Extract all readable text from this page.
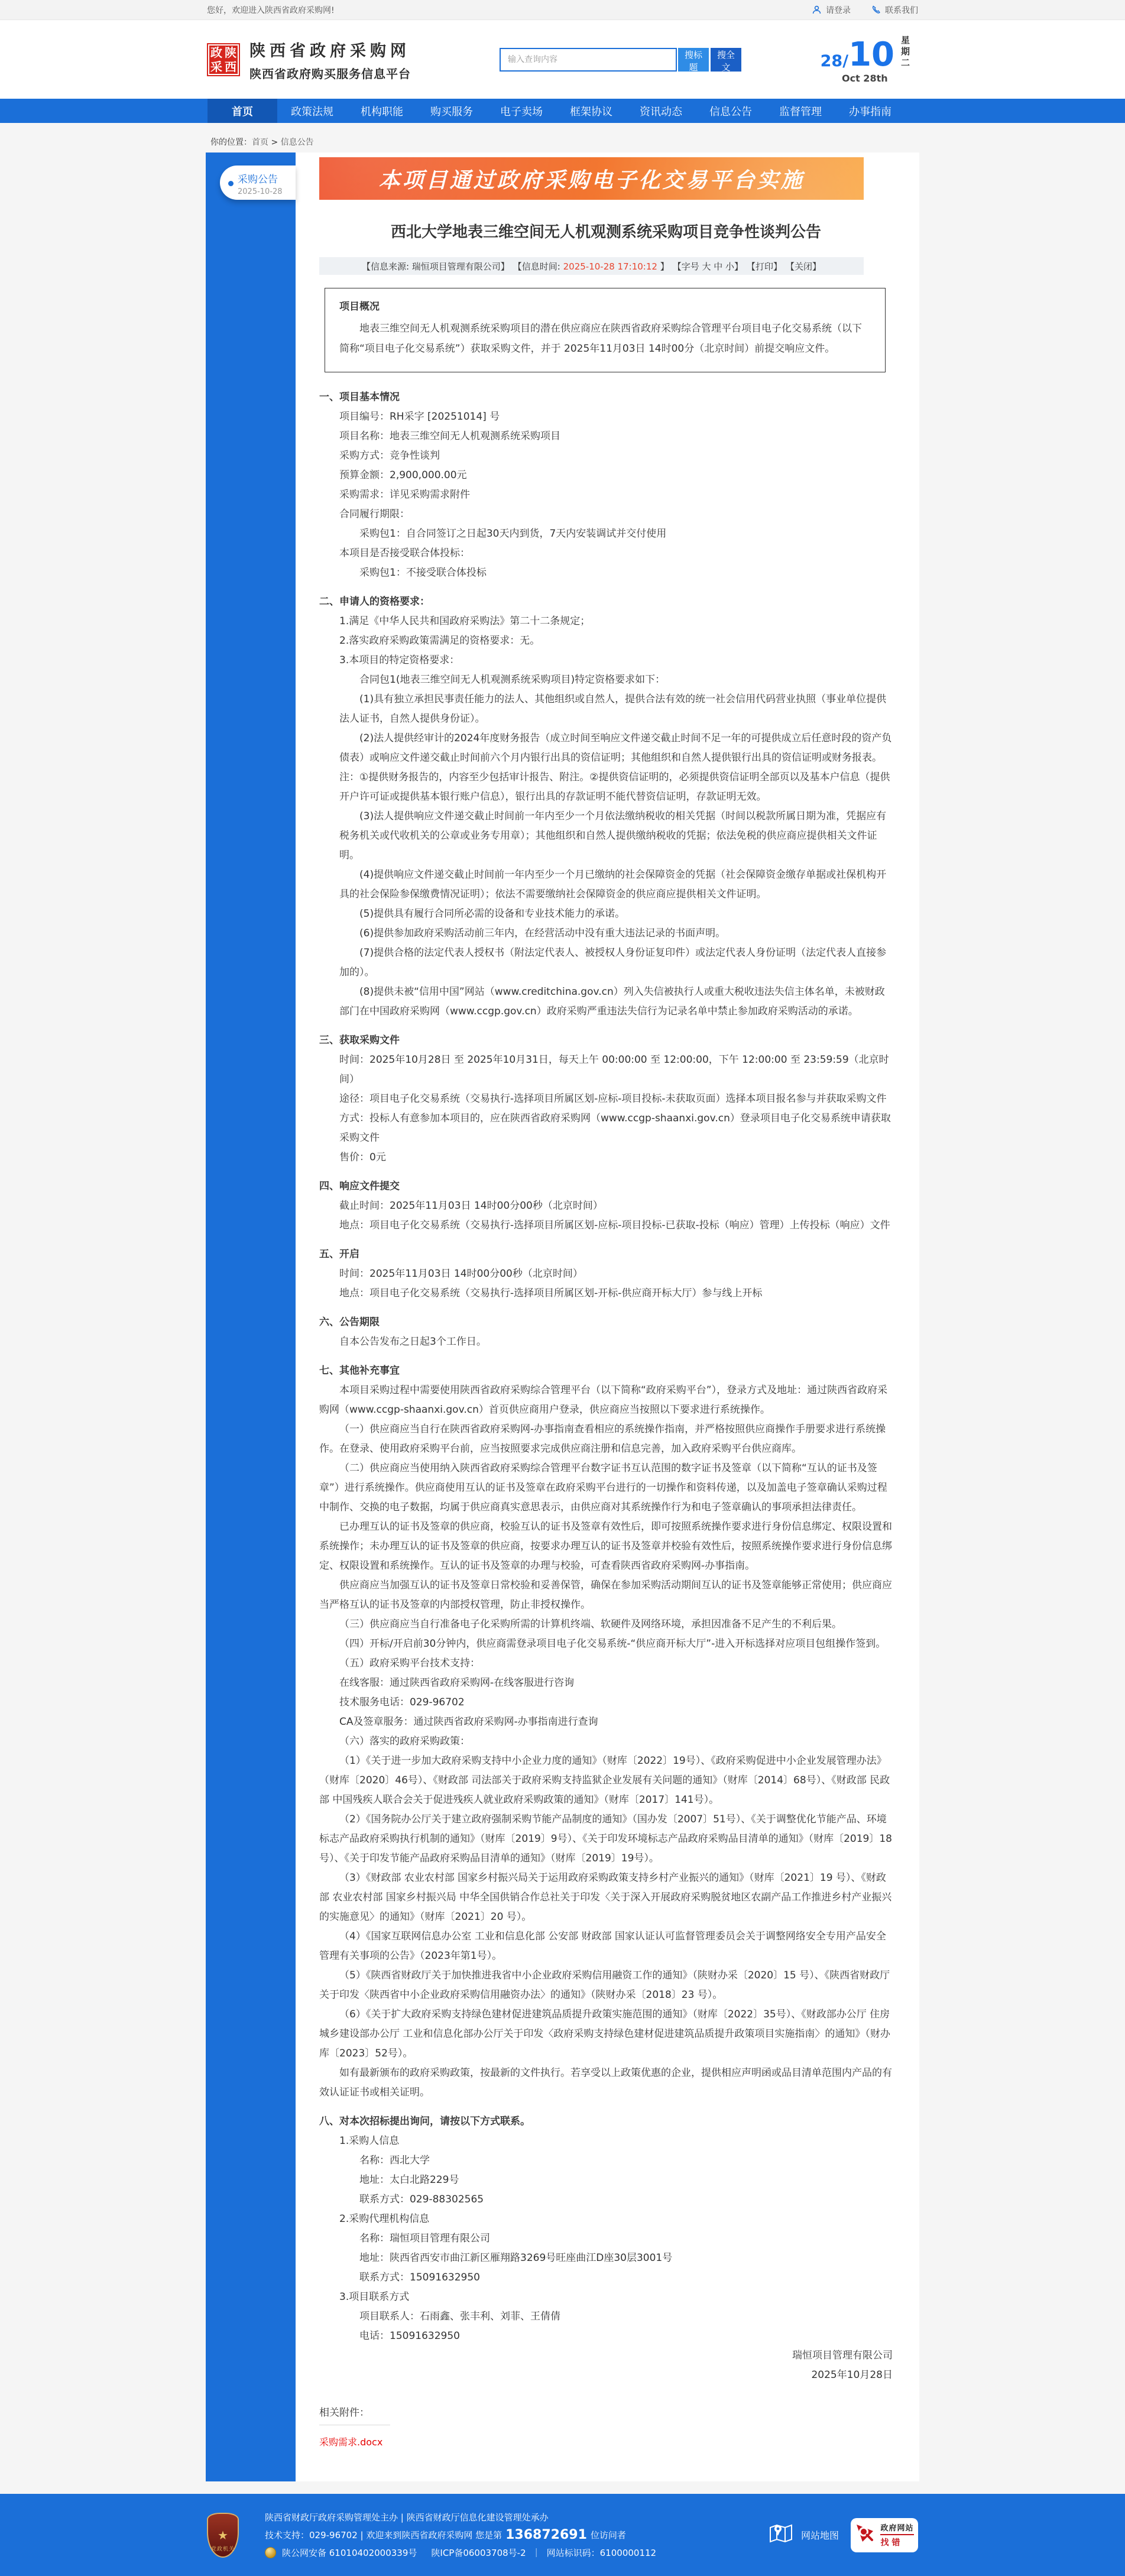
您好，欢迎进入陕西省政府采购网!	请登录	联系我们
政 陕
采 西
陕西省政府采购网
陕西省政府购买服务信息平台
输入查询内容
搜标题
搜全文	28/ 10 星期二
Oct 28th
首页	政策法规	机构职能	购买服务	电子卖场	框架协议	资讯动态	信息公告	监督管理	办事指南
你的位置：首页 > 信息公告
采购公告
2025-10-28	本项目通过政府采购电子化交易平台实施
西北大学地表三维空间无人机观测系统采购项目竞争性谈判公告
【信息来源: 瑞恒项目管理有限公司】 【信息时间: 2025-10-28 17:10:12 】 【字号 大 中 小】 【打印】 【关闭】
项目概况

地表三维空间无人机观测系统采购项目的潜在供应商应在陕西省政府采购综合管理平台项目电子化交易系统（以下简称“项目电子化交易系统”）获取采购文件，并于 2025年11月03日 14时00分（北京时间）前提交响应文件。

一、项目基本情况

项目编号：RH采字 [20251014] 号

项目名称：地表三维空间无人机观测系统采购项目

采购方式：竞争性谈判

预算金额：2,900,000.00元

采购需求：详见采购需求附件

合同履行期限：

采购包1：自合同签订之日起30天内到货，7天内安装调试并交付使用

本项目是否接受联合体投标：

采购包1：不接受联合体投标

二、申请人的资格要求：

1.满足《中华人民共和国政府采购法》第二十二条规定；

2.落实政府采购政策需满足的资格要求：无。

3.本项目的特定资格要求：

合同包1(地表三维空间无人机观测系统采购项目)特定资格要求如下：

(1)具有独立承担民事责任能力的法人、其他组织或自然人，提供合法有效的统一社会信用代码营业执照（事业单位提供法人证书，自然人提供身份证）。

(2)法人提供经审计的2024年度财务报告（成立时间至响应文件递交截止时间不足一年的可提供成立后任意时段的资产负债表）或响应文件递交截止时间前六个月内银行出具的资信证明；其他组织和自然人提供银行出具的资信证明或财务报表。注：①提供财务报告的，内容至少包括审计报告、附注。②提供资信证明的，必须提供资信证明全部页以及基本户信息（提供开户许可证或提供基本银行账户信息），银行出具的存款证明不能代替资信证明，存款证明无效。

(3)法人提供响应文件递交截止时间前一年内至少一个月依法缴纳税收的相关凭据（时间以税款所属日期为准，凭据应有税务机关或代收机关的公章或业务专用章）；其他组织和自然人提供缴纳税收的凭据；依法免税的供应商应提供相关文件证明。

(4)提供响应文件递交截止时间前一年内至少一个月已缴纳的社会保障资金的凭据（社会保障资金缴存单据或社保机构开具的社会保险参保缴费情况证明）；依法不需要缴纳社会保障资金的供应商应提供相关文件证明。

(5)提供具有履行合同所必需的设备和专业技术能力的承诺。

(6)提供参加政府采购活动前三年内，在经营活动中没有重大违法记录的书面声明。

(7)提供合格的法定代表人授权书（附法定代表人、被授权人身份证复印件）或法定代表人身份证明（法定代表人直接参加的）。

(8)提供未被“信用中国”网站（www.creditchina.gov.cn）列入失信被执行人或重大税收违法失信主体名单，未被财政部门在中国政府采购网（www.ccgp.gov.cn）政府采购严重违法失信行为记录名单中禁止参加政府采购活动的承诺。

三、获取采购文件

时间：2025年10月28日 至 2025年10月31日，每天上午 00:00:00 至 12:00:00，下午 12:00:00 至 23:59:59（北京时间）

途径：项目电子化交易系统（交易执行-选择项目所属区划-应标-项目投标-未获取页面）选择本项目报名参与并获取采购文件

方式：投标人有意参加本项目的，应在陕西省政府采购网（www.ccgp-shaanxi.gov.cn）登录项目电子化交易系统申请获取采购文件

售价：0元

四、响应文件提交

截止时间：2025年11月03日 14时00分00秒（北京时间）

地点：项目电子化交易系统（交易执行-选择项目所属区划-应标-项目投标-已获取-投标（响应）管理）上传投标（响应）文件

五、开启

时间：2025年11月03日 14时00分00秒（北京时间）

地点：项目电子化交易系统（交易执行-选择项目所属区划-开标-供应商开标大厅）参与线上开标

六、公告期限

自本公告发布之日起3个工作日。

七、其他补充事宜

本项目采购过程中需要使用陕西省政府采购综合管理平台（以下简称“政府采购平台”），登录方式及地址：通过陕西省政府采购网（www.ccgp-shaanxi.gov.cn）首页供应商用户登录，供应商应当按照以下要求进行系统操作。

（一）供应商应当自行在陕西省政府采购网-办事指南查看相应的系统操作指南，并严格按照供应商操作手册要求进行系统操作。在登录、使用政府采购平台前，应当按照要求完成供应商注册和信息完善，加入政府采购平台供应商库。

（二）供应商应当使用纳入陕西省政府采购综合管理平台数字证书互认范围的数字证书及签章（以下简称“互认的证书及签章”）进行系统操作。供应商使用互认的证书及签章在政府采购平台进行的一切操作和资料传递，以及加盖电子签章确认采购过程中制作、交换的电子数据，均属于供应商真实意思表示，由供应商对其系统操作行为和电子签章确认的事项承担法律责任。

已办理互认的证书及签章的供应商，校验互认的证书及签章有效性后，即可按照系统操作要求进行身份信息绑定、权限设置和系统操作；未办理互认的证书及签章的供应商，按要求办理互认的证书及签章并校验有效性后，按照系统操作要求进行身份信息绑定、权限设置和系统操作。互认的证书及签章的办理与校验，可查看陕西省政府采购网-办事指南。

供应商应当加强互认的证书及签章日常校验和妥善保管，确保在参加采购活动期间互认的证书及签章能够正常使用；供应商应当严格互认的证书及签章的内部授权管理，防止非授权操作。

（三）供应商应当自行准备电子化采购所需的计算机终端、软硬件及网络环境，承担因准备不足产生的不利后果。

（四）开标/开启前30分钟内，供应商需登录项目电子化交易系统-“供应商开标大厅”-进入开标选择对应项目包组操作签到。

（五）政府采购平台技术支持：

在线客服：通过陕西省政府采购网-在线客服进行咨询

技术服务电话：029-96702

CA及签章服务：通过陕西省政府采购网-办事指南进行查询

（六）落实的政府采购政策：

（1）《关于进一步加大政府采购支持中小企业力度的通知》（财库〔2022〕19号）、《政府采购促进中小企业发展管理办法》（财库〔2020〕46号）、《财政部 司法部关于政府采购支持监狱企业发展有关问题的通知》（财库〔2014〕68号）、《财政部 民政部 中国残疾人联合会关于促进残疾人就业政府采购政策的通知》（财库〔2017〕141号）。

（2）《国务院办公厅关于建立政府强制采购节能产品制度的通知》（国办发〔2007〕51号）、《关于调整优化节能产品、环境标志产品政府采购执行机制的通知》（财库〔2019〕9号）、《关于印发环境标志产品政府采购品目清单的通知》（财库〔2019〕18号）、《关于印发节能产品政府采购品目清单的通知》（财库〔2019〕19号）。

（3）《财政部 农业农村部 国家乡村振兴局关于运用政府采购政策支持乡村产业振兴的通知》（财库〔2021〕19 号）、《财政部 农业农村部 国家乡村振兴局 中华全国供销合作总社关于印发〈关于深入开展政府采购脱贫地区农副产品工作推进乡村产业振兴的实施意见〉的通知》（财库〔2021〕20 号）。

（4）《国家互联网信息办公室 工业和信息化部 公安部 财政部 国家认证认可监督管理委员会关于调整网络安全专用产品安全管理有关事项的公告》（2023年第1号）。

（5）《陕西省财政厅关于加快推进我省中小企业政府采购信用融资工作的通知》（陕财办采〔2020〕15 号）、《陕西省财政厅关于印发〈陕西省中小企业政府采购信用融资办法〉的通知》（陕财办采〔2018〕23 号）。

（6）《关于扩大政府采购支持绿色建材促进建筑品质提升政策实施范围的通知》（财库〔2022〕35号）、《财政部办公厅 住房城乡建设部办公厅 工业和信息化部办公厅关于印发〈政府采购支持绿色建材促进建筑品质提升政策项目实施指南〉的通知》（财办库〔2023〕52号）。

如有最新颁布的政府采购政策，按最新的文件执行。若享受以上政策优惠的企业，提供相应声明函或品目清单范围内产品的有效认证证书或相关证明。

八、对本次招标提出询问，请按以下方式联系。

1.采购人信息

名称：西北大学

地址：太白北路229号

联系方式：029-88302565

2.采购代理机构信息

名称：瑞恒项目管理有限公司

地址：陕西省西安市曲江新区雁翔路3269号旺座曲江D座30层3001号

联系方式：15091632950

3.项目联系方式

项目联系人：石雨鑫、张丰利、刘菲、王倩倩

电话：15091632950

瑞恒项目管理有限公司

2025年10月28日

相关附件：
采购需求.docx
★
党政机关
陕西省财政厅政府采购管理处主办 | 陕西省财政厅信息化建设管理处承办
技术支持：029-96702 | 欢迎来到陕西省政府采购网 您是第 136872691 位访问者
陕公网安备 61010402000339号 陕ICP备06003708号-2 ｜ 网站标识码：6100000112
网站地图
政府网站
找错
